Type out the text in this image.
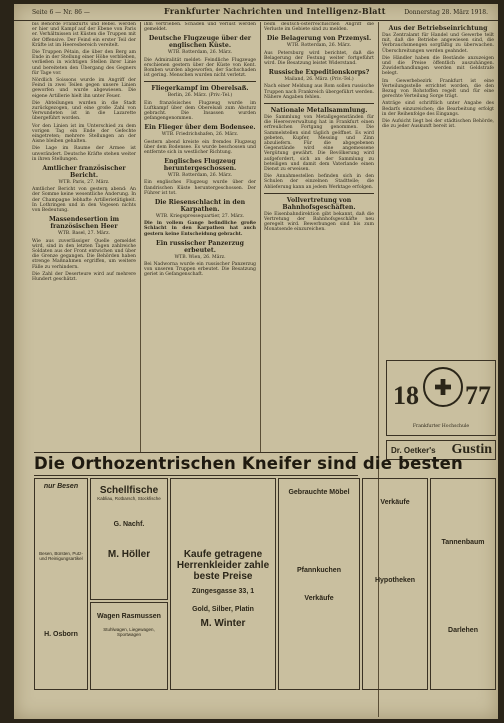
Seite 6 — Nr. 86 —	Frankfurter Nachrichten und Intelligenz-Blatt	Donnerstag 28. März 1918.

bis Behörde Frankfurts und Bebel. werden er hier und Kampf auf der Ebene von Paris er. Verhältnissen ist Küsten die Truppen mit der Offensive. Der Feind ein erster Teil der Kräfte ist im Heeresbereich vereitelt.

Die Truppen Pétain, die über den Berg am Ende in der Stellung einer Höhe verblieben, verließen in wichtigen Stellen ihrer Linie und bereiteten den Übergang des Gegners für Tage vor.

Nördlich Soissons wurde im Angriff der Feind in zwei Teilen gegen unsere Linien geworfen und wurde abgewiesen. Die eigene Artillerie hielt ihn unter Feuer.

Die Abteilungen wurden in die Stadt zurückgezogen, und eine große Zahl von Verwundeten ist in die Lazarette übergeführt worden.

Vor den Linien ist im Unterschied zu dem vorigen Tag ein Ende der Gefechte eingetreten; mehrere Stellungen an der Aisne bleiben gehalten.

Die Lage im Raume der Armee ist unverändert. Deutsche Kräfte stehen weiter in ihren Stellungen.

Amtlicher französischer Bericht.
WTB. Paris, 27. März.

Amtlicher Bericht von gestern abend: An der Somme keine wesentliche Änderung. In der Champagne lebhafte Artillerietätigkeit. In Lothringen und in den Vogesen nichts von Bedeutung.

Massendesertion im französischen Heer
WTB. Basel, 27. März.

Wie aus zuverlässiger Quelle gemeldet wird, sind in den letzten Tagen zahlreiche Soldaten aus der Front entwichen und über die Grenze gegangen. Die Behörden haben strenge Maßnahmen ergriffen, um weitere Fälle zu verhindern.

Die Zahl der Deserteure wird auf mehrere Hundert geschätzt.

ihm vertrieben. Schaden und Verlust werden gemeldet.

Deutsche Flugzeuge über der englischen Küste.
WTB. Rotterdam, 26. März.

Die Admiralität meldet: Feindliche Flugzeuge erschienen gestern über der Küste von Kent. Bomben wurden abgeworfen, der Sachschaden ist gering. Menschen wurden nicht verletzt.

Fliegerkampf im Oberelsaß.
Berlin, 26. März. (Priv.-Tel.)

Ein französisches Flugzeug wurde im Luftkampf über dem Oberelsaß zum Absturz gebracht. Die Insassen wurden gefangengenommen.

Ein Flieger über dem Bodensee.
WTB. Friedrichshafen, 26. März.

Gestern abend kreiste ein fremdes Flugzeug über dem Bodensee. Es wurde beschossen und entfernte sich in westlicher Richtung.

Englisches Flugzeug heruntergeschossen.
WTB. Rotterdam, 26. März.

Ein englisches Flugzeug wurde über der flandrischen Küste heruntergeschossen. Der Führer ist tot.

Die Riesenschlacht in den Karpathen.
WTB. Kriegspressequartier, 27. März.

Die in vollem Gange befindliche große Schlacht in den Karpathen hat auch gestern keine Entscheidung gebracht.

Ein russischer Panzerzug erbeutet.
WTB. Wien, 26. März.

Bei Nadworna wurde ein russischer Panzerzug von unseren Truppen erbeutet. Die Besatzung geriet in Gefangenschaft.

beim deutsch-österreichischen Angriff die Verluste im Gebiete sind zu melden.

Die Belagerung von Przemysl.
WTB. Rotterdam, 26. März.

Aus Petersburg wird berichtet, daß die Belagerung der Festung weiter fortgeführt wird. Die Besatzung leistet Widerstand.

Russische Expeditionskorps?
Mailand, 26. März. (Priv.-Tel.)

Nach einer Meldung aus Rom sollen russische Truppen nach Frankreich übergeführt werden. Nähere Angaben fehlen.

Nationale Metallsammlung.

Die Sammlung von Metallgegenständen für die Heeresverwaltung hat in Frankfurt einen erfreulichen Fortgang genommen. Die Sammelstellen sind täglich geöffnet. Es wird gebeten, Kupfer, Messing und Zinn abzuliefern. Für die abgegebenen Gegenstände wird eine angemessene Vergütung gewährt. Die Bevölkerung wird aufgefordert, sich an der Sammlung zu beteiligen und damit dem Vaterlande einen Dienst zu erweisen.

Die Annahmestellen befinden sich in den Schulen der einzelnen Stadtteile; die Ablieferung kann an jedem Werktage erfolgen.

Vollvertretung von Bahnhofsgeschäften.

Die Eisenbahndirektion gibt bekannt, daß die Vertretung der Bahnhofsgeschäfte neu geregelt wird. Bewerbungen sind bis zum Monatsende einzureichen.

Aus der Betriebseinrichtung

Das Zentralamt für Handel und Gewerbe teilt mit, daß die Betriebe angewiesen sind, die Verbrauchsmengen sorgfältig zu überwachen. Überschreitungen werden geahndet.

Die Händler haben die Bestände anzuzeigen und die Preise öffentlich auszuhängen. Zuwiderhandlungen werden mit Geldstrafe belegt.

Im Gewerbebezirk Frankfurt ist eine Verteilungsstelle errichtet worden, die den Bezug von Rohstoffen regelt und für eine gerechte Verteilung Sorge trägt.

Anträge sind schriftlich unter Angabe des Bedarfs einzureichen; die Bearbeitung erfolgt in der Reihenfolge des Eingangs.

Die Aufsicht liegt bei der städtischen Behörde, die zu jeder Auskunft bereit ist.

18 77
Frankfurter Hochschule
Dr. Oetker's Gustin
Die Orthozentrischen Kneifer sind die besten
nur Besen
Besen, Bürsten, Putz- und Reinigungsartikel
H. Osborn
Schellfische
Kabliau, Rotbarsch, Stockfische
G. Nachf.
M. Höller
Wagen Rasmussen
Stuhlwagen, Liegewagen, Sportwagen
Kaufe getragene Herrenkleider zahle beste Preise
Züngesgasse 33, 1
Gold, Silber, Platin
M. Winter
Gebrauchte Möbel
Pfannkuchen
Verkäufe
Verkäufe
Hypotheken
Tannenbaum
Darlehen
